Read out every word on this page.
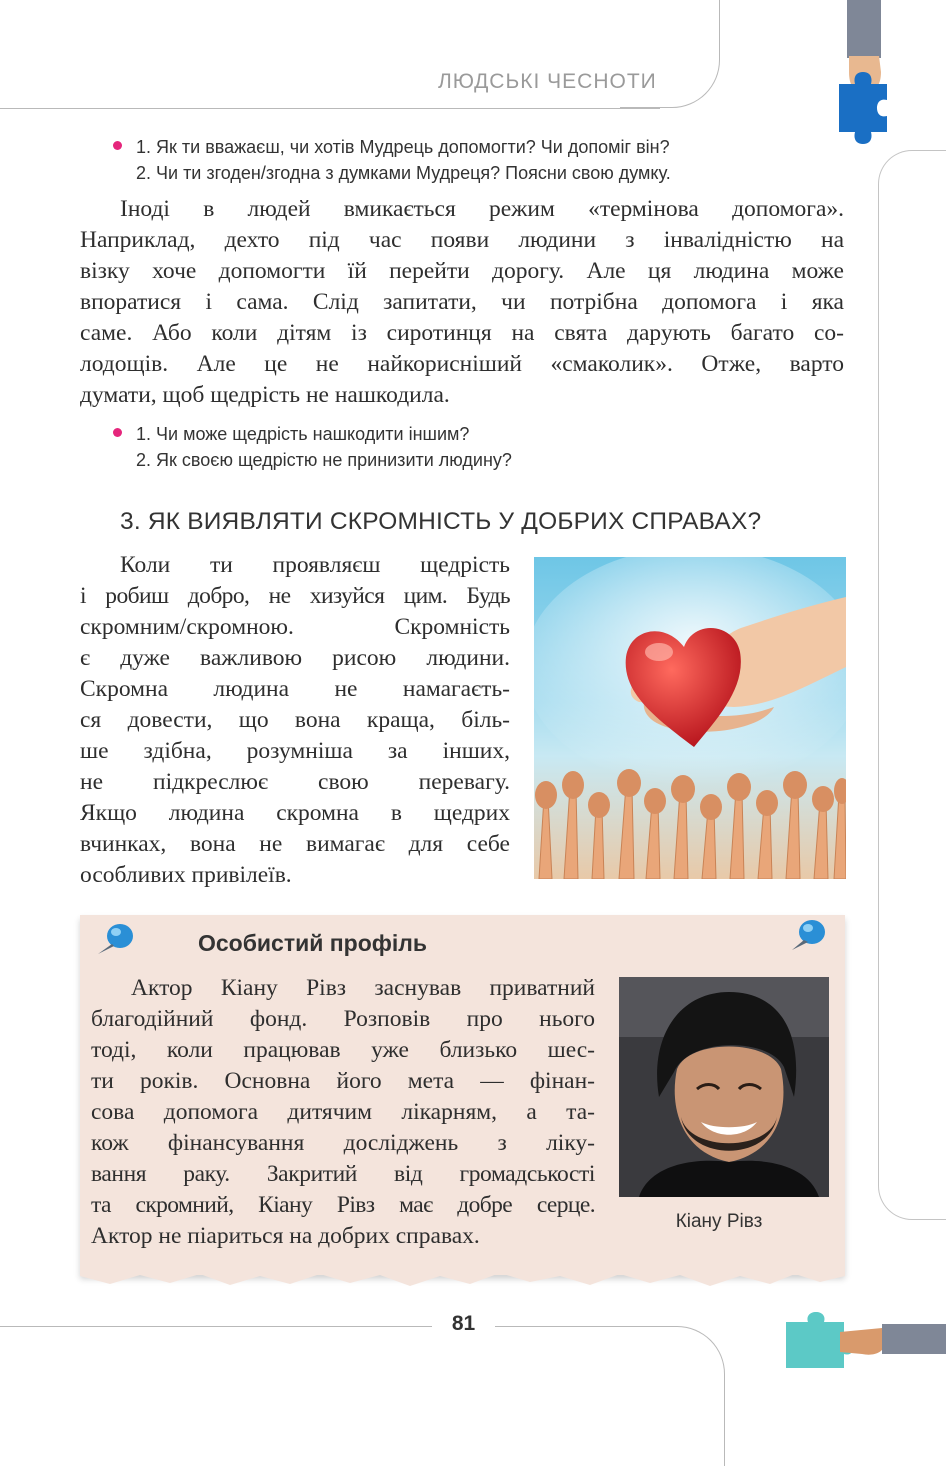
ЛЮДСЬКІ ЧЕСНОТИ
1. Як ти вважаєш, чи хотів Мудрець допомогти? Чи допоміг він?
2. Чи ти згоден/згодна з думками Мудреця? Поясни свою думку.

Іноді в людей вмикається режим «термінова допомога».

Наприклад, дехто під час появи людини з інвалідністю на

візку хоче допомогти їй перейти дорогу. Але ця людина може

впоратися і сама. Слід запитати, чи потрібна допомога і яка

саме. Або коли дітям із сиротинця на свята дарують багато со-

лодощів. Але це не найкорисніший «смаколик». Отже, варто

думати, щоб щедрість не нашкодила.

1. Чи може щедрість нашкодити іншим?
2. Як своєю щедрістю не принизити людину?
3. ЯК ВИЯВЛЯТИ СКРОМНІСТЬ У ДОБРИХ СПРАВАХ?

Коли ти проявляєш щедрість

і робиш добро, не хизуйся цим. Будь

скромним/скромною. Скромність

є дуже важливою рисою людини.

Скромна людина не намагаєть-

ся довести, що вона краща, біль-

ше здібна, розумніша за інших,

не підкреслює свою перевагу.

Якщо людина скромна в щедрих

вчинках, вона не вимагає для себе

особливих привілеїв.

Особистий профіль

Актор Кіану Рівз заснував приватний

благодійний фонд. Розповів про нього

тоді, коли працював уже близько шес-

ти років. Основна його мета — фінан-

сова допомога дитячим лікарням, а та-

кож фінансування досліджень з ліку-

вання раку. Закритий від громадськості

та скромний, Кіану Рівз має добре серце.

Актор не піариться на добрих справах.

Кіану Рівз
81
